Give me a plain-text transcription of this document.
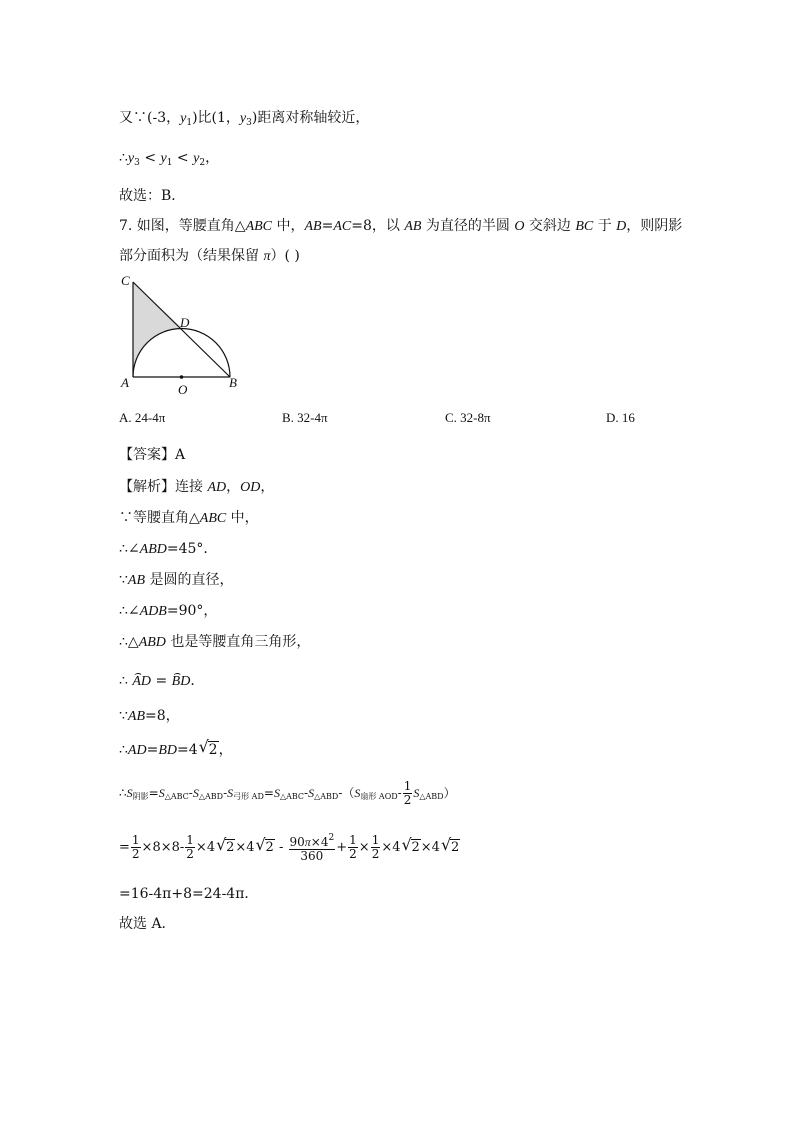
又∵(-3，$y_1$)比(1，$y_3$)距离对称轴较近，
$\therefore y_3 < y_1 < y_2$，
故选：B．
7. 如图，等腰直角△ABC 中，AB=AC=8，以 AB 为直径的半圆 O 交斜边 BC 于 D，则阴影
部分面积为（结果保留 π）( )
C
D
A	O	B
A. 24-4π	B. 32-4π	C. 32-8π	D. 16
【答案】A
【解析】连接 AD，OD，
∵等腰直角△ABC 中，
∴∠ABD=45°．
∵AB 是圆的直径，
∴∠ADB=90°，
∴△ABD 也是等腰直角三角形，
∴ ⌢ AD = ⌢ BD．
∵AB=8，
∴AD=BD=4√ 2，
∴S阴影=S△ABC-S△ABD-S弓形 AD=S△ABC-S△ABD-（S扇形 $AOD- \frac{1}{2}$ S△ABD）
= $\frac{1}{2} \times 8\times 8- \frac{1}{2} \times 4√$ 2×4√ $2 - \frac{90\pi\times 4^2}{360} + \frac{1}{2} \times \frac{1}{2} \times 4√$ 2×4√ 2
=16-4π+8=24-4π．
故选 A．
